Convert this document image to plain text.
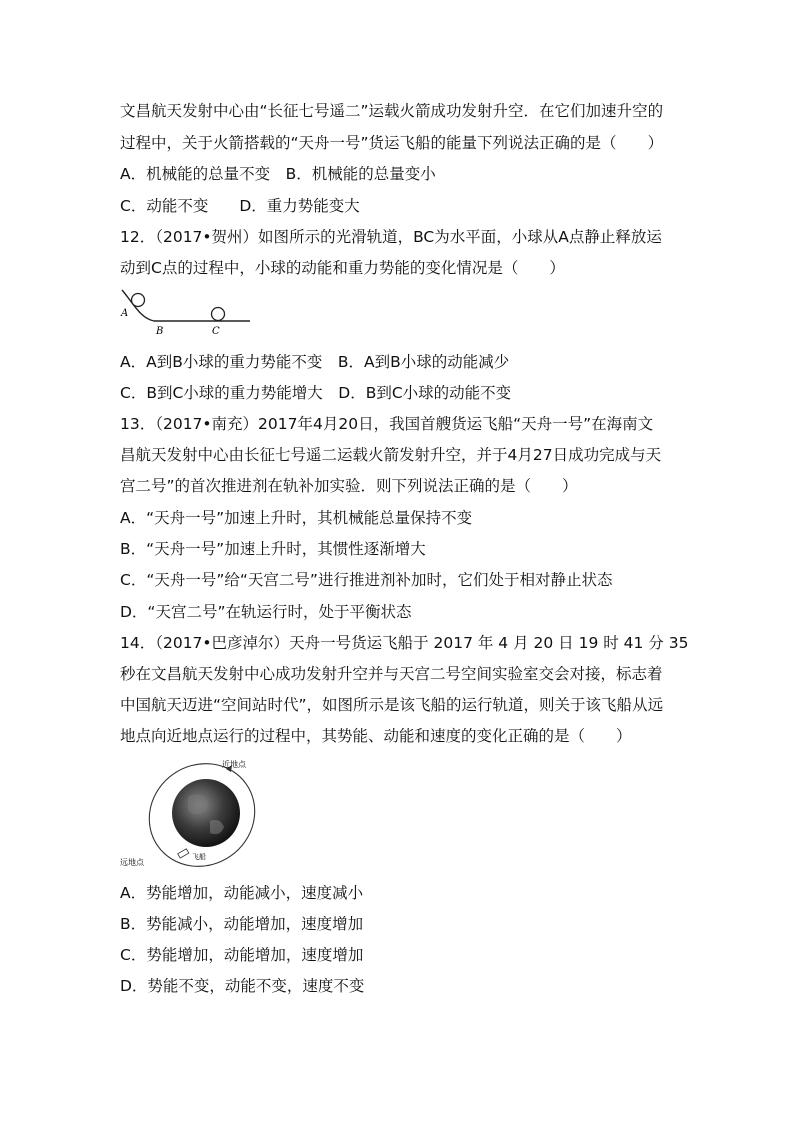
文昌航天发射中心由“长征七号遥二”运载火箭成功发射升空．在它们加速升空的
过程中，关于火箭搭载的“天舟一号”货运飞船的能量下列说法正确的是（　　）
A．机械能的总量不变　B．机械能的总量变小
C．动能不变　　D．重力势能变大
12．（2017•贺州）如图所示的光滑轨道，BC为水平面，小球从A点静止释放运
动到C点的过程中，小球的动能和重力势能的变化情况是（　　）
A
B	C
A．A到B小球的重力势能不变　B．A到B小球的动能减少
C．B到C小球的重力势能增大　D．B到C小球的动能不变
13．（2017•南充）2017年4月20日，我国首艘货运飞船“天舟一号”在海南文
昌航天发射中心由长征七号遥二运载火箭发射升空，并于4月27日成功完成与天
宫二号”的首次推进剂在轨补加实验．则下列说法正确的是（　　）
A．“天舟一号”加速上升时，其机械能总量保持不变
B．“天舟一号”加速上升时，其惯性逐渐增大
C．“天舟一号”给“天宫二号”进行推进剂补加时，它们处于相对静止状态
D．“天宫二号”在轨运行时，处于平衡状态
14．（2017•巴彦淖尔）天舟一号货运飞船于 2017 年 4 月 20 日 19 时 41 分 35
秒在文昌航天发射中心成功发射升空并与天宫二号空间实验室交会对接，标志着
中国航天迈进“空间站时代”，如图所示是该飞船的运行轨道，则关于该飞船从远
地点向近地点运行的过程中，其势能、动能和速度的变化正确的是（　　）
近地点
远地点
飞船
A．势能增加，动能减小，速度减小
B．势能减小，动能增加，速度增加
C．势能增加，动能增加，速度增加
D．势能不变，动能不变，速度不变
